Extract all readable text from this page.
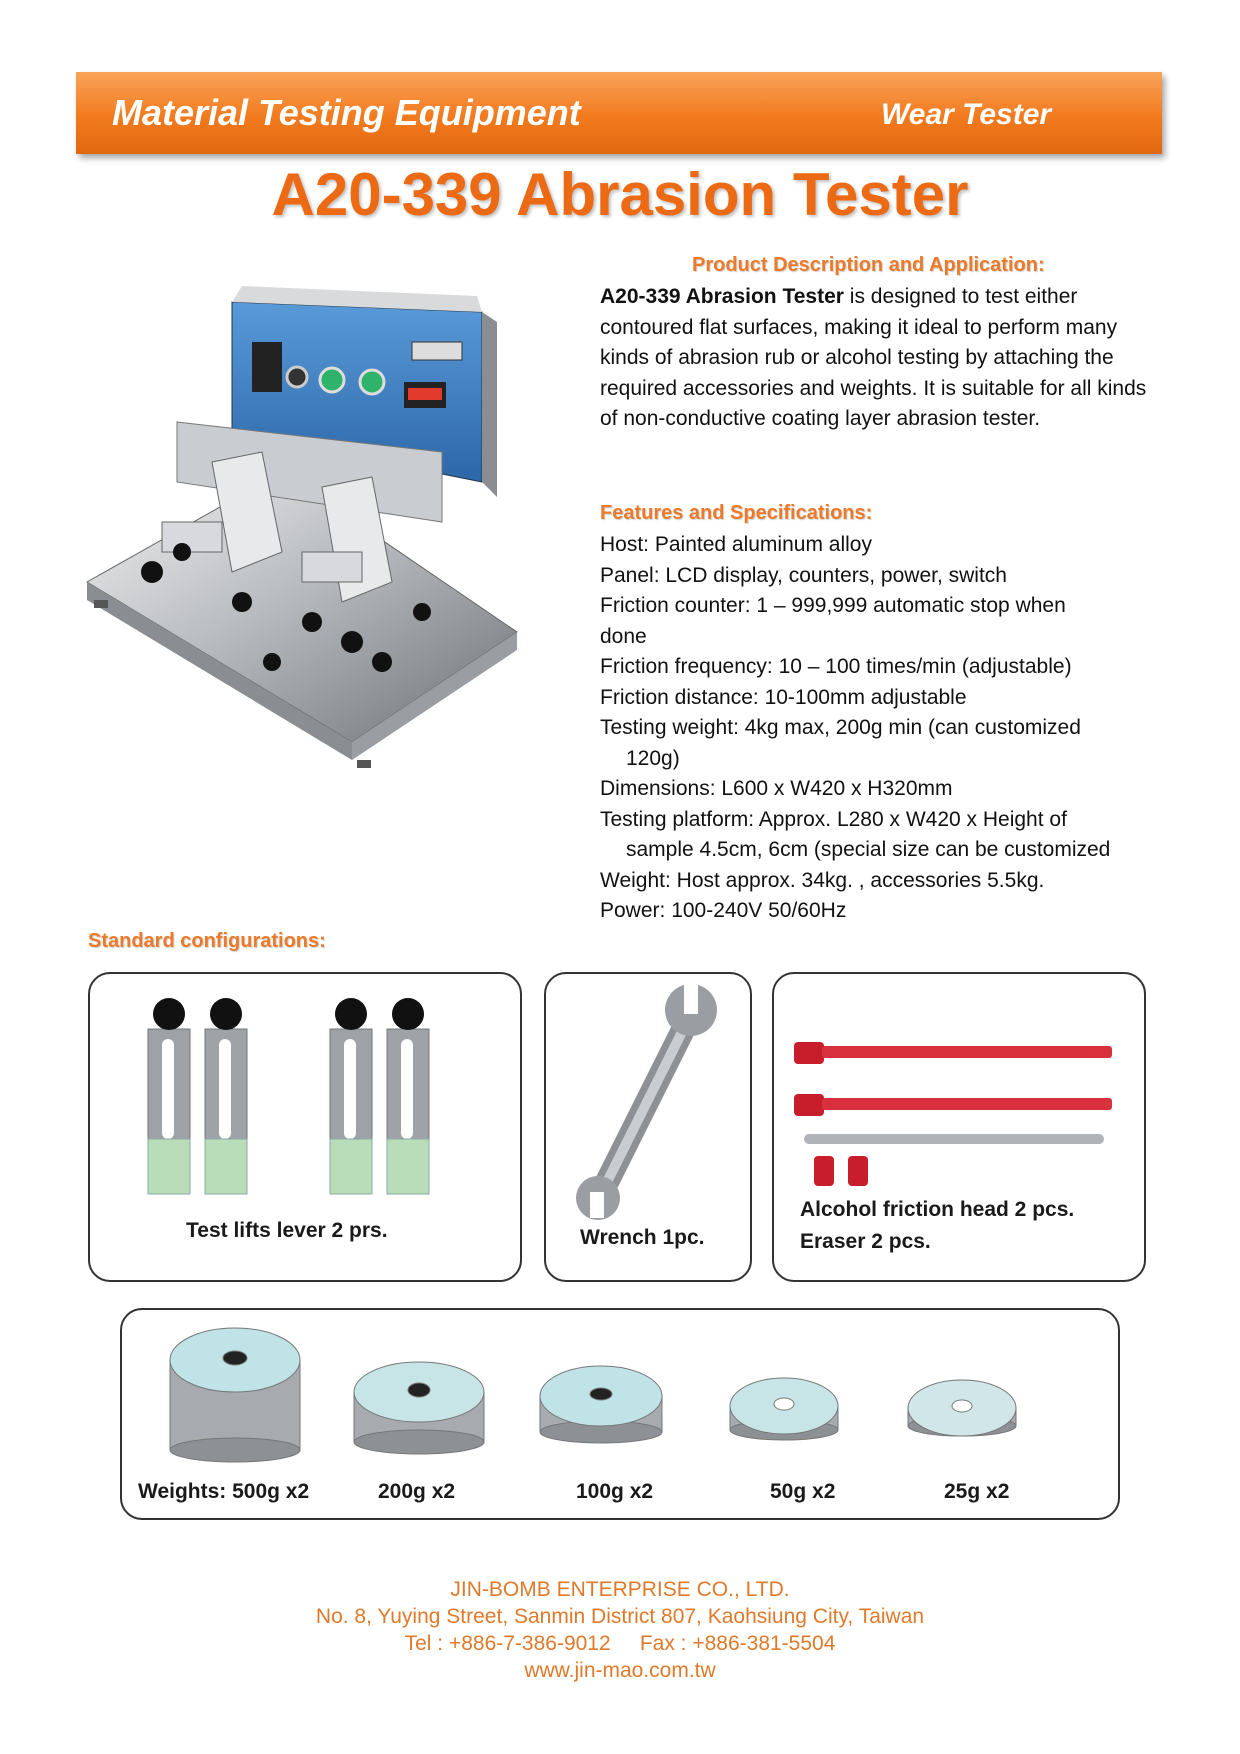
Material Testing Equipment	Wear Tester
A20-339 Abrasion Tester
Product Description and Application:
A20-339 Abrasion Tester is designed to test either contoured flat surfaces, making it ideal to perform many kinds of abrasion rub or alcohol testing by attaching the required accessories and weights. It is suitable for all kinds of non-conductive coating layer abrasion tester.
Features and Specifications:
Host: Painted aluminum alloy
Panel: LCD display, counters, power, switch
Friction counter: 1 – 999,999 automatic stop when
done
Friction frequency: 10 – 100 times/min (adjustable)
Friction distance: 10-100mm adjustable
Testing weight: 4kg max, 200g min (can customized
120g)
Dimensions: L600 x W420 x H320mm
Testing platform: Approx. L280 x W420 x Height of
sample 4.5cm, 6cm (special size can be customized
Weight: Host approx. 34kg. , accessories 5.5kg.
Power: 100-240V 50/60Hz
Standard configurations:
Test lifts lever 2 prs.	Wrench 1pc.
Alcohol friction head 2 pcs.
Eraser 2 pcs.
Weights: 500g x2	200g x2	100g x2	50g x2	25g x2
JIN-BOMB ENTERPRISE CO., LTD.
No. 8, Yuying Street, Sanmin District 807, Kaohsiung City, Taiwan
Tel : +886-7-386-9012     Fax : +886-381-5504
www.jin-mao.com.tw
